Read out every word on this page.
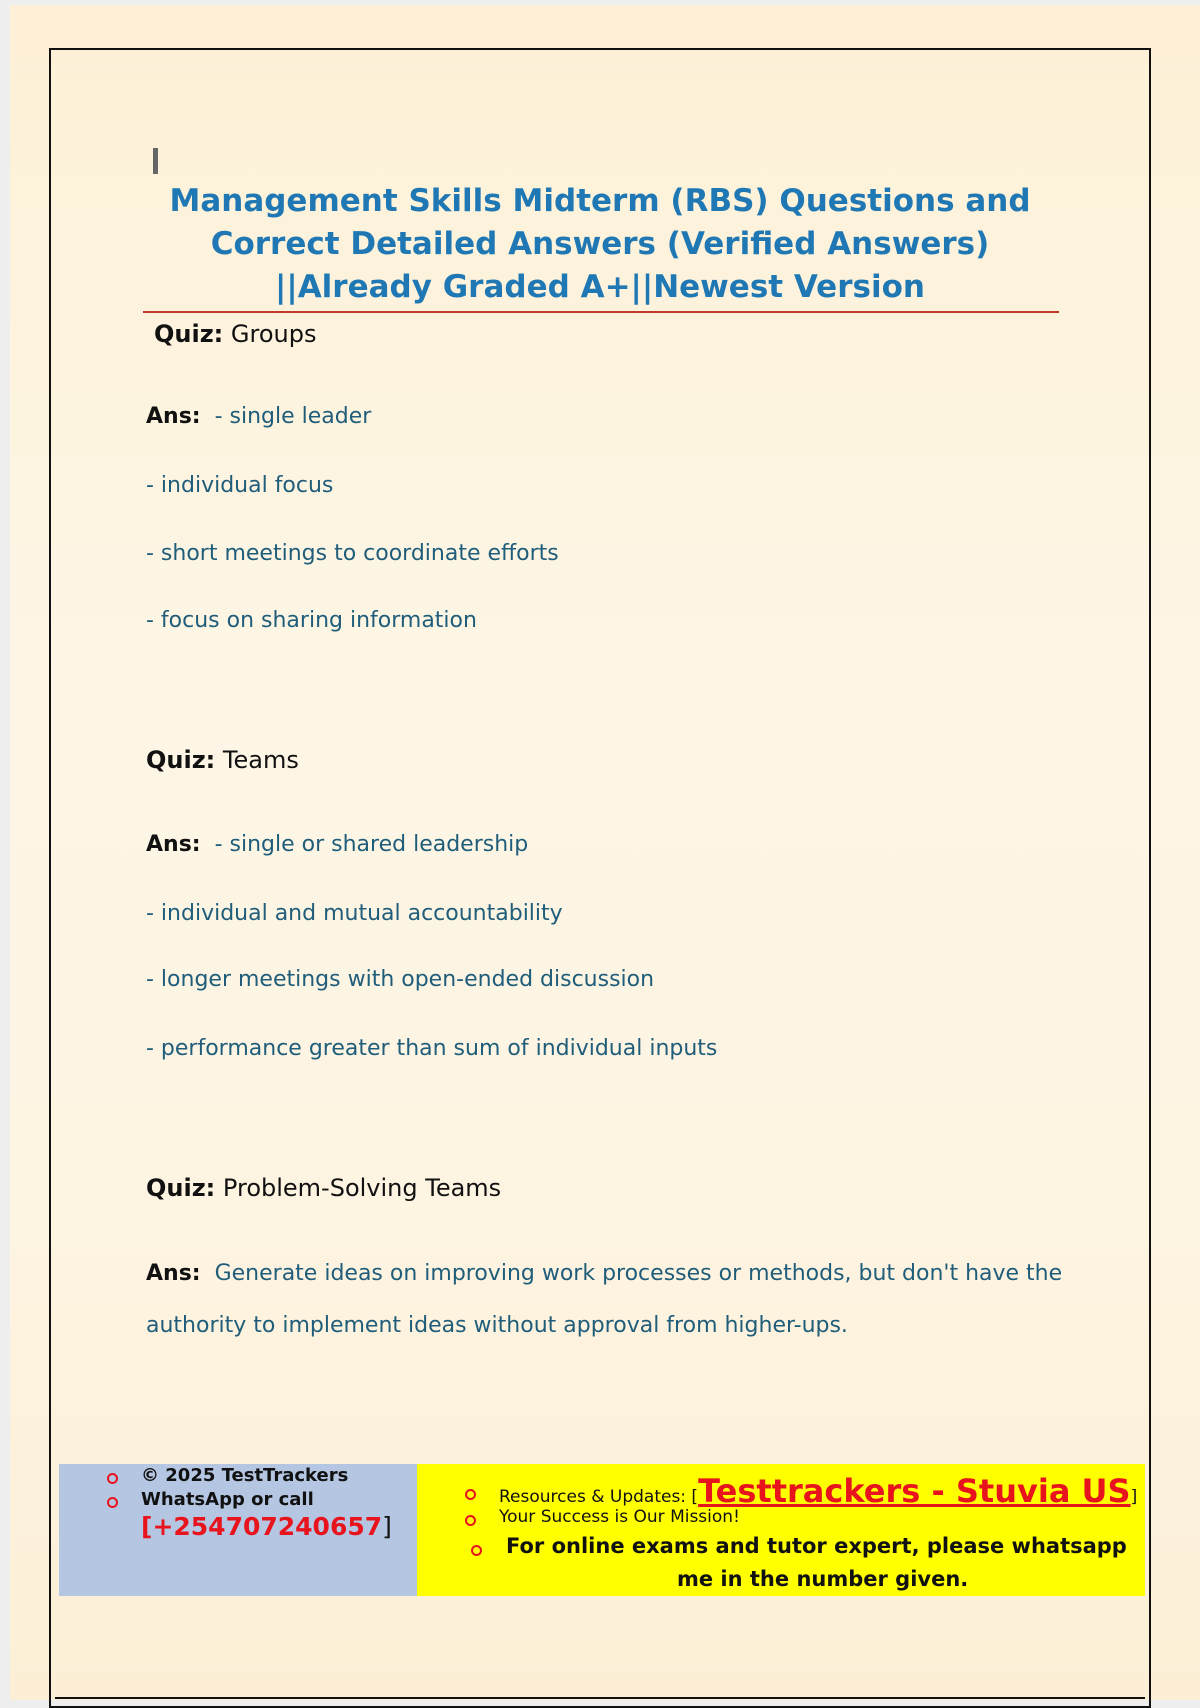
Management Skills Midterm (RBS) Questions and
Correct Detailed Answers (Verified Answers)
||Already Graded A+||Newest Version
Quiz: Groups
Ans: - single leader
- individual focus
- short meetings to coordinate efforts
- focus on sharing information
Quiz: Teams
Ans: - single or shared leadership
- individual and mutual accountability
- longer meetings with open-ended discussion
- performance greater than sum of individual inputs
Quiz: Problem-Solving Teams
Ans: Generate ideas on improving work processes or methods, but don't have the authority to implement ideas without approval from higher-ups.
© 2025 TestTrackers
WhatsApp or call
[+254707240657]
Resources & Updates: [Testtrackers - Stuvia US]
Your Success is Our Mission!
For online exams and tutor expert, please whatsapp
me in the number given.
